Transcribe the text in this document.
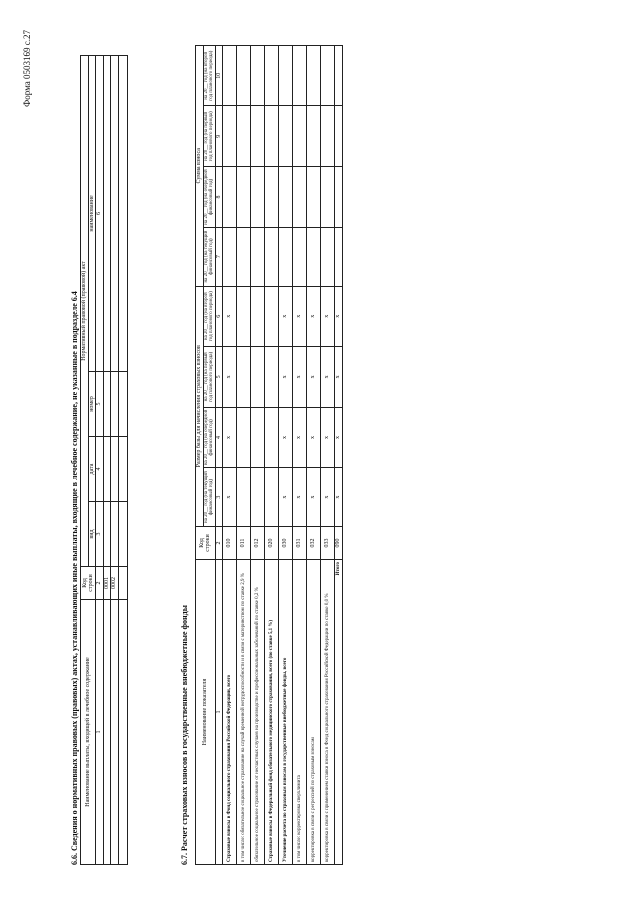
Форма 0503169 с.27
6.6. Сведения о нормативных правовых (правовых) актах, устанавливающих иные выплаты, входящие в лечебное содержание, не указанные в подразделе 6.4 Наименование выплаты, входящей в лечебное содержание	Код строки	Нормативный правовой (правовой) акт			
		вид	дата	номер	наименование
1	2	3	4	5	6
	0001				
	0002				

6.7. Расчет страховых взносов в государственные внебюджетные фонды Наименование показателя	Код строки	Размер базы для начисления страховых взносов				Сумма взноса			
		на 20__ год (на текущий финансовый год)	на 20__ год (на очередной финансовый год)	на 20__ год (на первый год планового периода)	на 20__ год (на второй год планового периода)	на 20__ год (на текущий финансовый год)	на 20__ год (на очередной финансовый год)	на 20__ год (на первый год планового периода)	на 20__ год (на второй год планового периода)
1	2	3	4	5	6	7	8	9	10
Страховые взносы в Фонд социального страхования Российской Федерации, всего	010	x	x	x	x				
в том числе: обязательное социальное страхование на случай временной нетрудоспособности и в связи с материнством по ставке 2,9 %	011								
обязательное социальное страхование от несчастных случаев на производстве и профессиональных заболеваний по ставке 0,2 %	012								
Страховые взносы в Федеральный фонд обязательного медицинского страхования, всего (по ставке 5,1 %)	020								
Уточнение расчета по страховым взносам в государственные внебюджетные фонды, всего	030	x	x	x	x				
в том числе: корректировка сверхлимита	031	x	x	x	x				
корректировка в связи с регрессией по страховым взносам	032	x	x	x	x				
корректировка в связи с применением ставки взноса в Фонд социального страхования Российской Федерации по ставке 0,0 %	033	x	x	x	x				
Итого	090	x	x	x	x				
